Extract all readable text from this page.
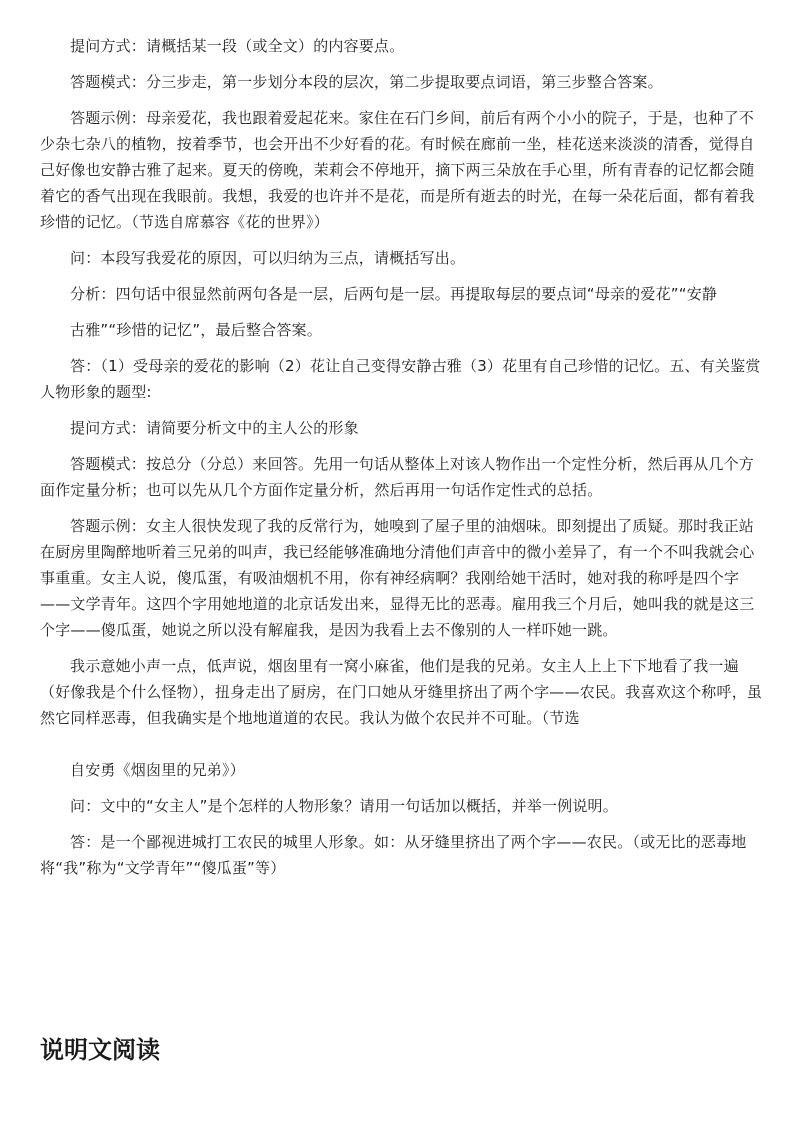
提问方式：请概括某一段（或全文）的内容要点。

答题模式：分三步走，第一步划分本段的层次，第二步提取要点词语，第三步整合答案。

答题示例：母亲爱花，我也跟着爱起花来。家住在石门乡间，前后有两个小小的院子，于是，也种了不少杂七杂八的植物，按着季节，也会开出不少好看的花。有时候在廊前一坐，桂花送来淡淡的清香，觉得自己好像也安静古雅了起来。夏天的傍晚，茉莉会不停地开，摘下两三朵放在手心里，所有青春的记忆都会随着它的香气出现在我眼前。我想，我爱的也许并不是花，而是所有逝去的时光，在每一朵花后面，都有着我珍惜的记忆。（节选自席慕容《花的世界》）

问：本段写我爱花的原因，可以归纳为三点，请概括写出。

分析：四句话中很显然前两句各是一层，后两句是一层。再提取每层的要点词“母亲的爱花”“安静

古雅”“珍惜的记忆”，最后整合答案。

答：（1）受母亲的爱花的影响（2）花让自己变得安静古雅（3）花里有自己珍惜的记忆。五、有关鉴赏人物形象的题型:

提问方式：请简要分析文中的主人公的形象

答题模式：按总分（分总）来回答。先用一句话从整体上对该人物作出一个定性分析，然后再从几个方面作定量分析；也可以先从几个方面作定量分析，然后再用一句话作定性式的总括。

答题示例：女主人很快发现了我的反常行为，她嗅到了屋子里的油烟味。即刻提出了质疑。那时我正站在厨房里陶醉地听着三兄弟的叫声，我已经能够准确地分清他们声音中的微小差异了，有一个不叫我就会心事重重。女主人说，傻瓜蛋，有吸油烟机不用，你有神经病啊？我刚给她干活时，她对我的称呼是四个字——文学青年。这四个字用她地道的北京话发出来，显得无比的恶毒。雇用我三个月后，她叫我的就是这三个字——傻瓜蛋，她说之所以没有解雇我，是因为我看上去不像别的人一样吓她一跳。

我示意她小声一点，低声说，烟囱里有一窝小麻雀，他们是我的兄弟。女主人上上下下地看了我一遍（好像我是个什么怪物），扭身走出了厨房，在门口她从牙缝里挤出了两个字——农民。我喜欢这个称呼，虽然它同样恶毒，但我确实是个地地道道的农民。我认为做个农民并不可耻。（节选

自安勇《烟囱里的兄弟》）

问：文中的“女主人”是个怎样的人物形象？请用一句话加以概括，并举一例说明。

答：是一个鄙视进城打工农民的城里人形象。如：从牙缝里挤出了两个字——农民。（或无比的恶毒地将“我”称为“文学青年”“傻瓜蛋”等）

说明文阅读
